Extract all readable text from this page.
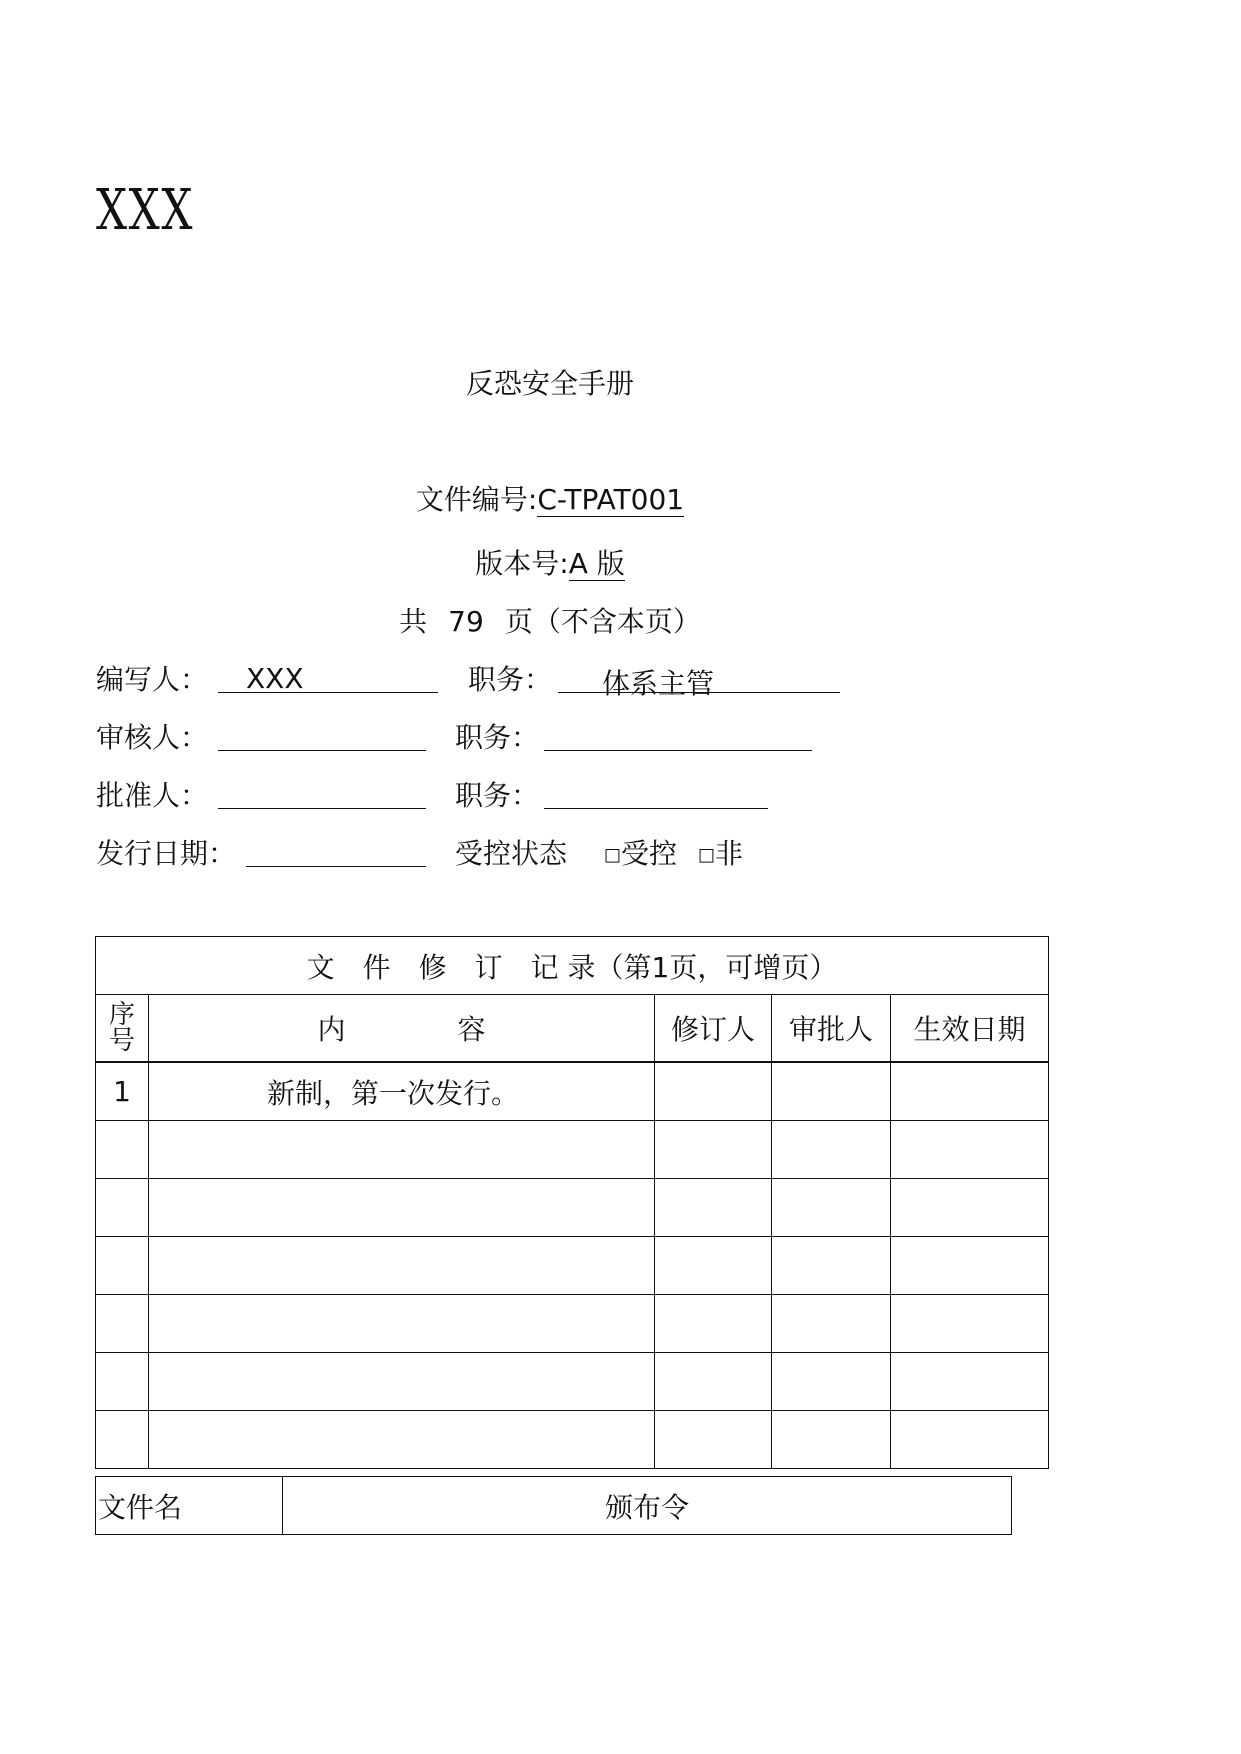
XXX
反恐安全手册
文件编号:C-TPAT001
版本号:A 版
共 79 页（不含本页）
编写人：	XXX	职务：	体系主管
审核人：	职务：
批准人：	职务：
发行日期：	受控状态 □受控 □非
文　件　修　订　记 录（第1页，可增页）				

序
号	内　　　　容	修订人	审批人	生效日期
1	新制，第一次发行。			

文件名	颁布令
